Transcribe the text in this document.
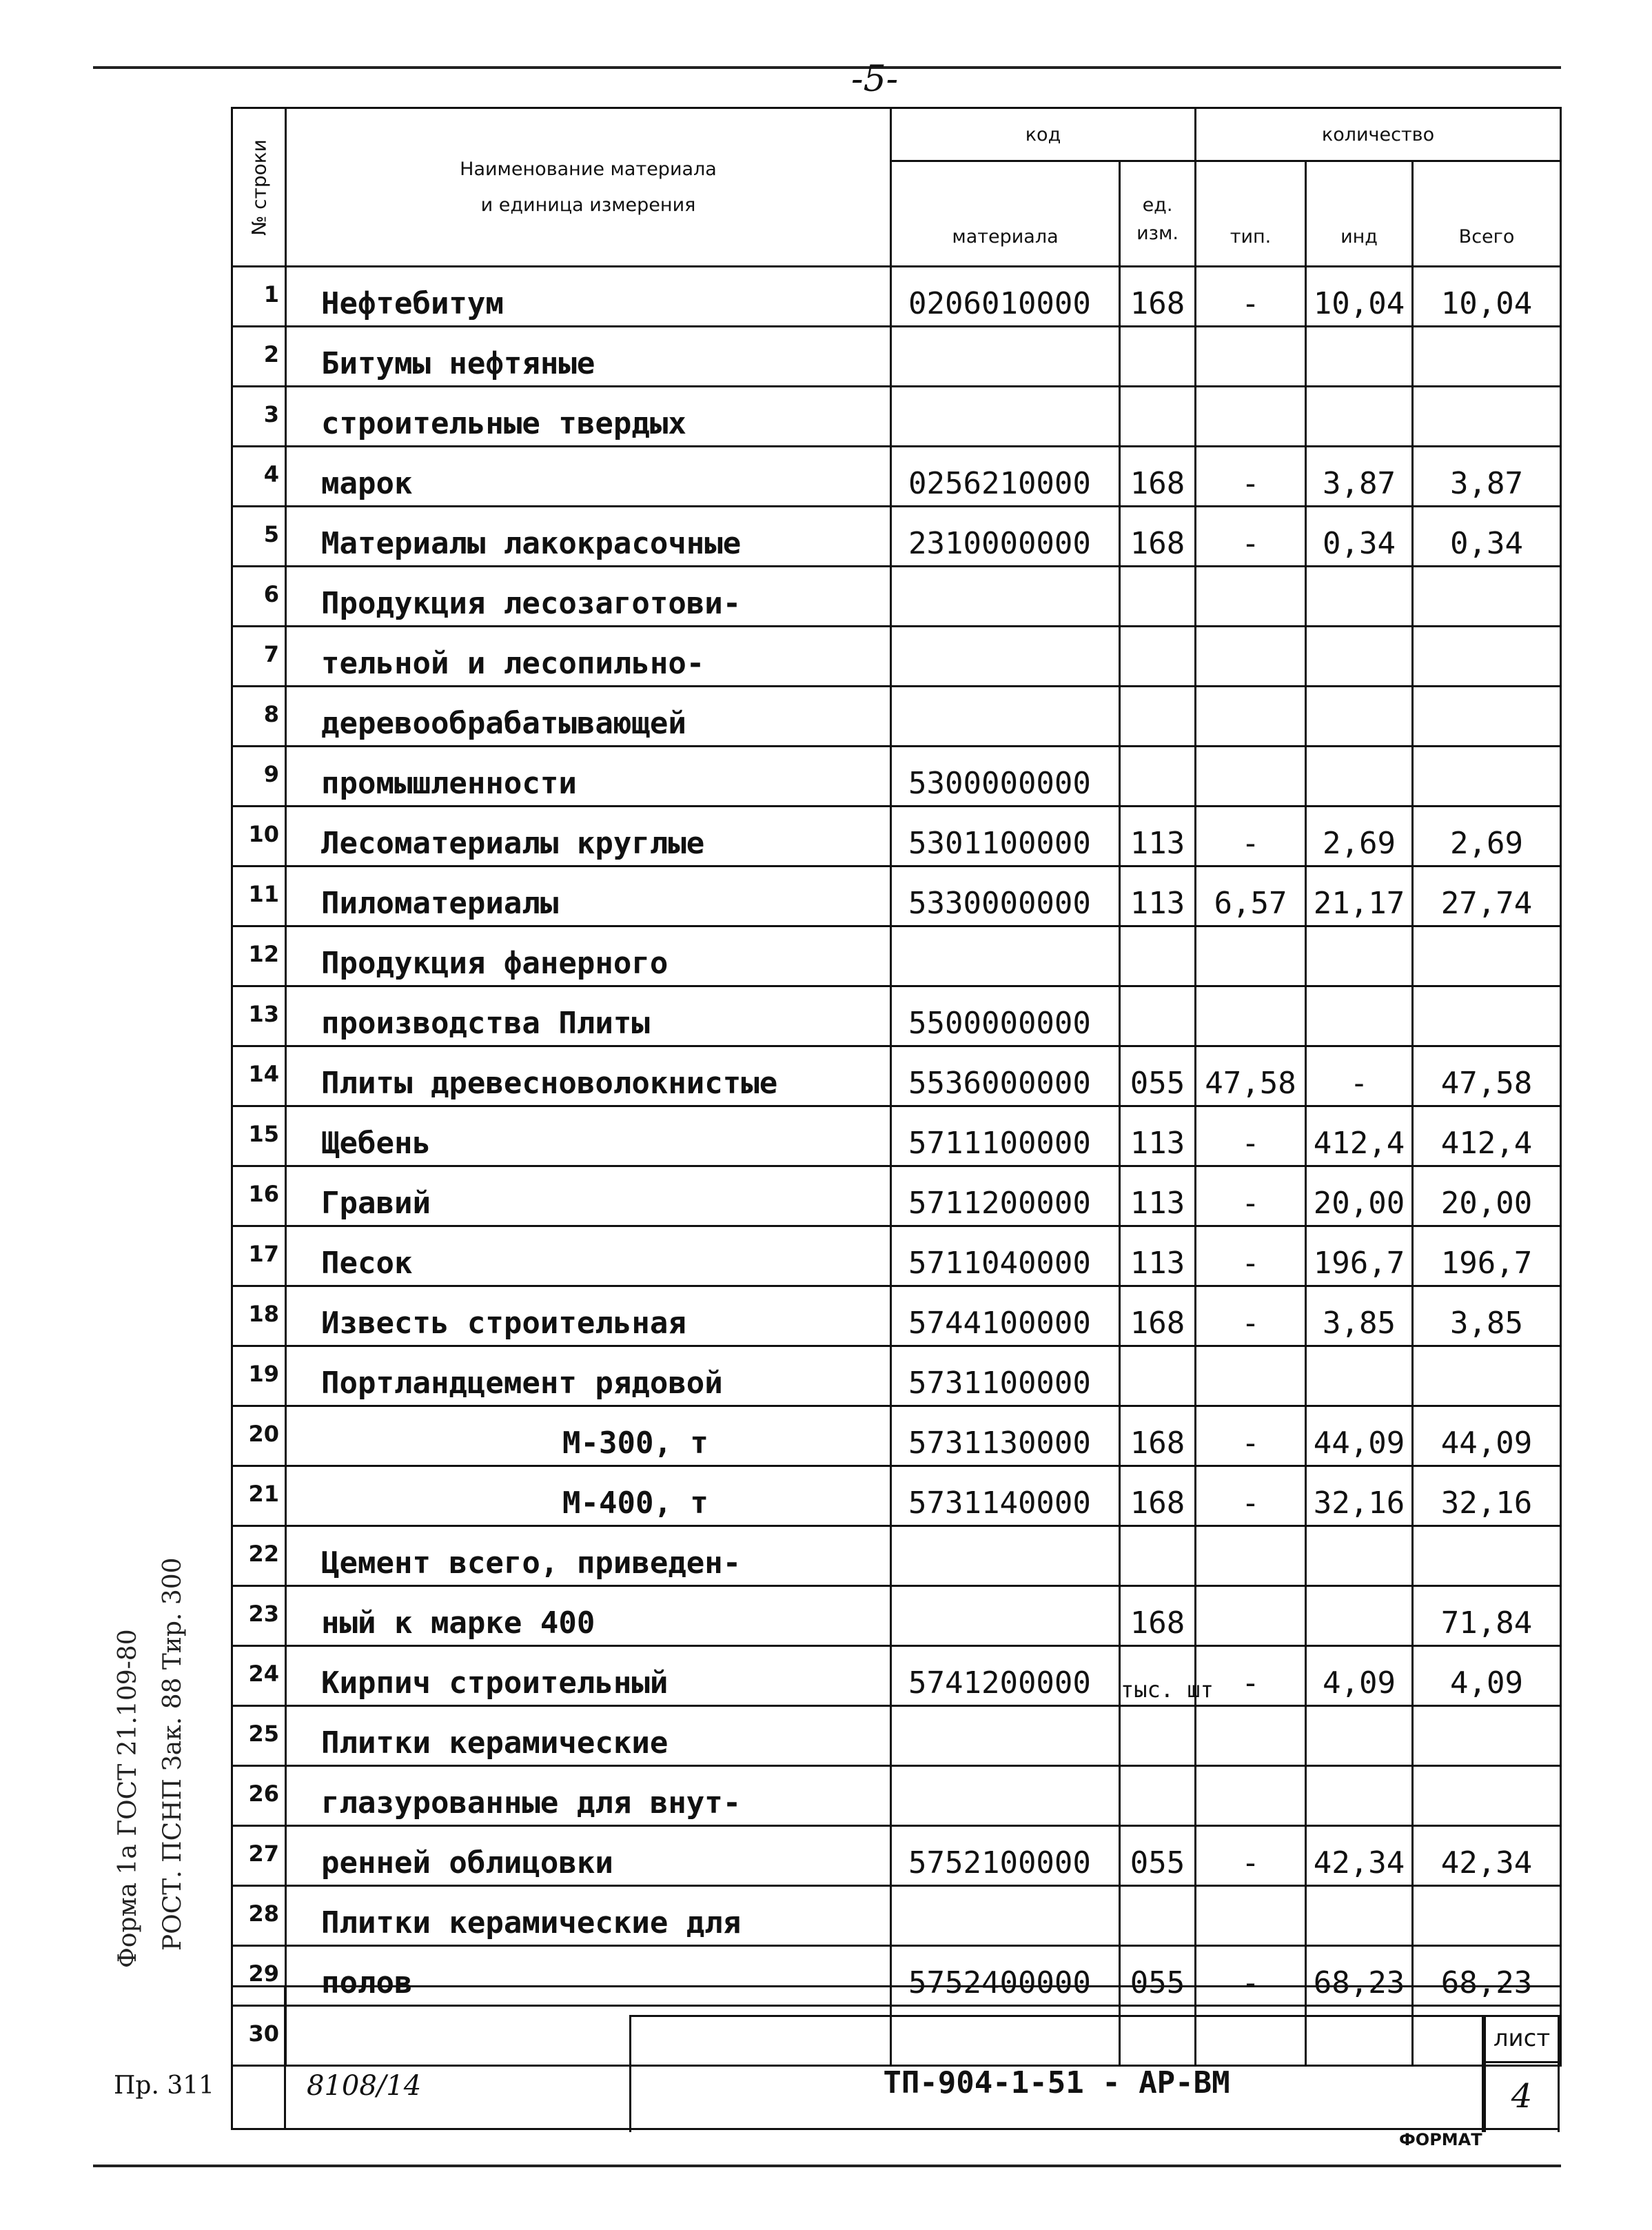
-5-
№ строки	Наименование материала
и единица измерения	код		количество		
		материала	ед. изм.	тип.	инд	Всего
1	Нефтебитум	0206010000	168	-	10,04	10,04
2	Битумы нефтяные					
3	строительные твердых					
4	марок	0256210000	168	-	3,87	3,87
5	Материалы лакокрасочные	2310000000	168	-	0,34	0,34
6	Продукция лесозаготови-					
7	тельной и лесопильно-					
8	деревообрабатывающей					
9	промышленности	5300000000				
10	Лесоматериалы круглые	5301100000	113	-	2,69	2,69
11	Пиломатериалы	5330000000	113	6,57	21,17	27,74
12	Продукция фанерного					
13	производства Плиты	5500000000				
14	Плиты древесноволокнистые	5536000000	055	47,58	-	47,58
15	Щебень	5711100000	113	-	412,4	412,4
16	Гравий	5711200000	113	-	20,00	20,00
17	Песок	5711040000	113	-	196,7	196,7
18	Известь строительная	5744100000	168	-	3,85	3,85
19	Портландцемент рядовой	5731100000				
20	М-300, т	5731130000	168	-	44,09	44,09
21	М-400, т	5731140000	168	-	32,16	32,16
22	Цемент всего, приведен-					
23	ный к марке 400		168			71,84
24	Кирпич строительный	5741200000	тыс. шт	-	4,09	4,09
25	Плитки керамические					
26	глазурованные для внут-					
27	ренней облицовки	5752100000	055	-	42,34	42,34
28	Плитки керамические для					
29	полов	5752400000	055	-	68,23	68,23
30						
8108/14	ТП-904-1-51 - АР-ВМ
лист
4
ФОРМАТ
Форма 1а ГОСТ 21.109-80 РОСТ. ПСНП Зак. 88 Тир. 300
Пр. 311
